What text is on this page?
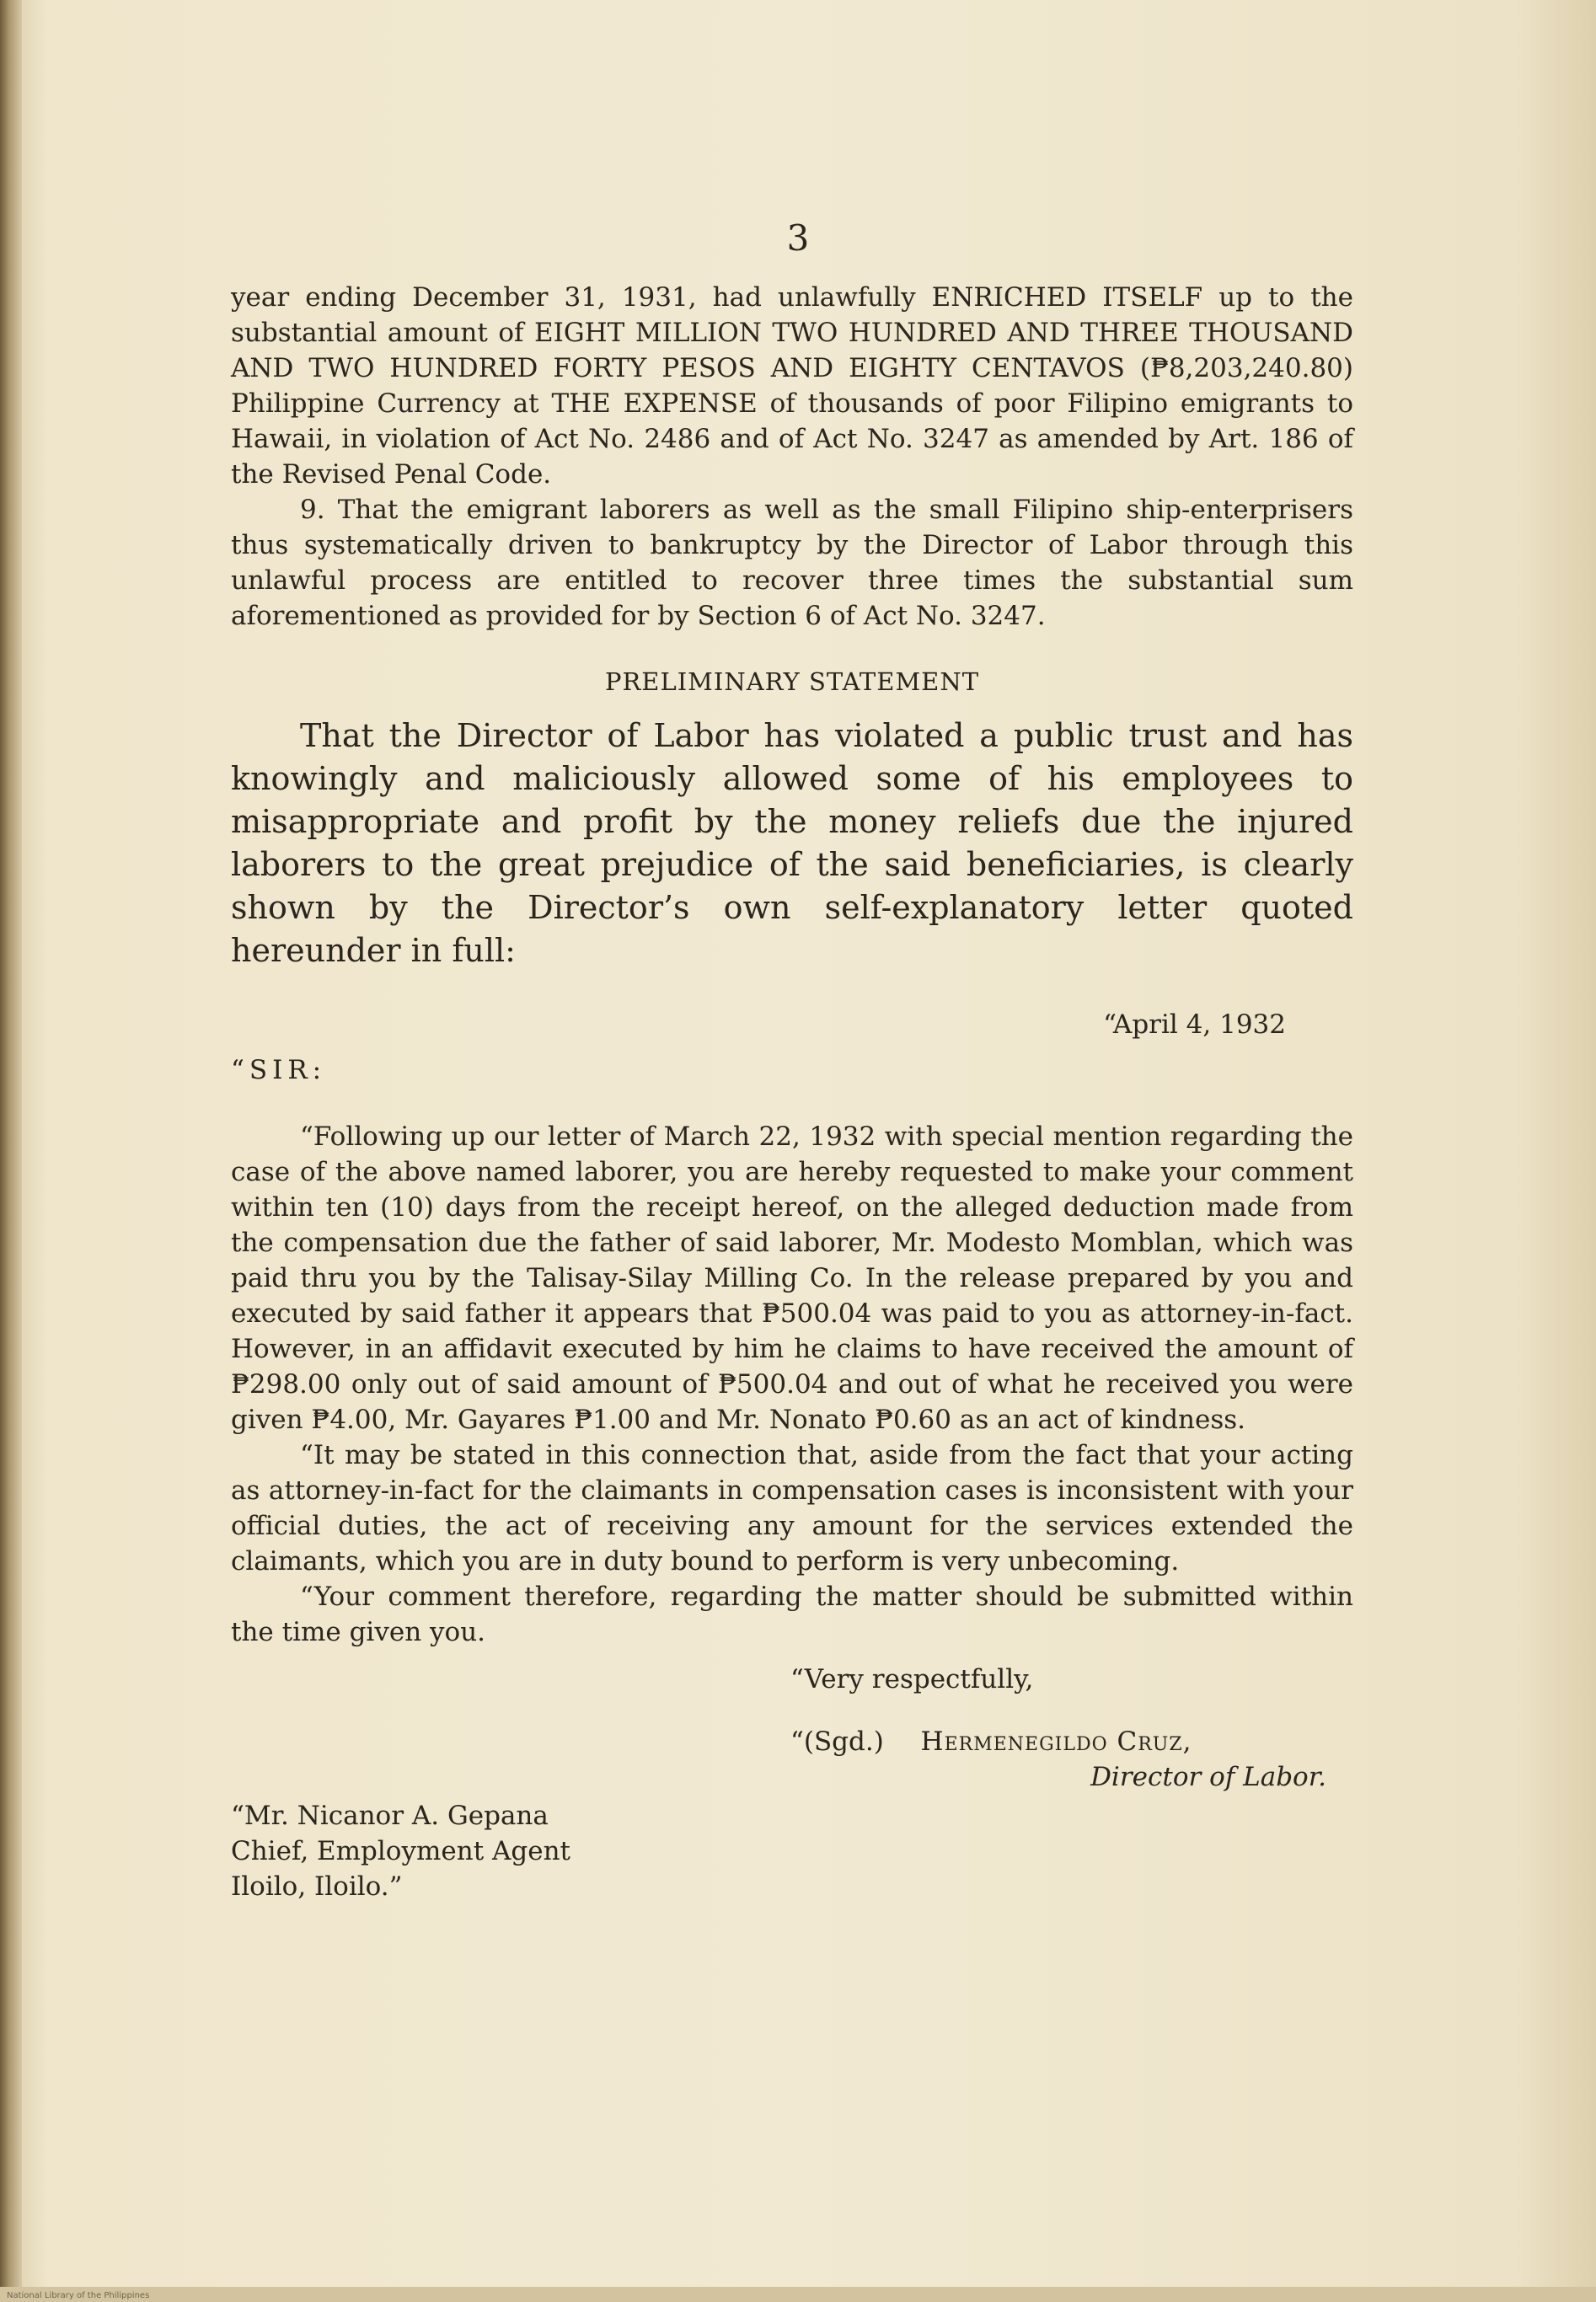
3

year ending December 31, 1931, had unlawfully ENRICHED ITSELF up to the substantial amount of EIGHT MILLION TWO HUNDRED AND THREE THOUSAND AND TWO HUNDRED FORTY PESOS AND EIGHTY CENTAVOS (₱8,203,240.80) Philippine Currency at THE EXPENSE of thousands of poor Filipino emigrants to Hawaii, in violation of Act No. 2486 and of Act No. 3247 as amended by Art. 186 of the Revised Penal Code.

9. That the emigrant laborers as well as the small Filipino ship-enterprisers thus systematically driven to bankruptcy by the Director of Labor through this unlawful process are entitled to recover three times the substantial sum aforementioned as provided for by Section 6 of Act No. 3247.

PRELIMINARY STATEMENT

That the Director of Labor has violated a public trust and has knowingly and maliciously allowed some of his employees to misappropriate and profit by the money reliefs due the injured laborers to the great prejudice of the said beneficiaries, is clearly shown by the Director’s own self-explanatory letter quoted hereunder in full:

“April 4, 1932
“SIR:

“Following up our letter of March 22, 1932 with special mention regarding the case of the above named laborer, you are hereby requested to make your comment within ten (10) days from the receipt hereof, on the alleged deduction made from the compensation due the father of said laborer, Mr. Modesto Momblan, which was paid thru you by the Talisay-Silay Milling Co. In the release prepared by you and executed by said father it appears that ₱500.04 was paid to you as attorney-in-fact. However, in an affidavit executed by him he claims to have received the amount of ₱298.00 only out of said amount of ₱500.04 and out of what he received you were given ₱4.00, Mr. Gayares ₱1.00 and Mr. Nonato ₱0.60 as an act of kindness.

“It may be stated in this connection that, aside from the fact that your acting as attorney-in-fact for the claimants in compensation cases is inconsistent with your official duties, the act of receiving any amount for the services extended the claimants, which you are in duty bound to perform is very unbecoming.

“Your comment therefore, regarding the matter should be submitted within the time given you.

“Very respectfully,
“(Sgd.) Hermenegildo Cruz,
Director of Labor.
“Mr. Nicanor A. Gepana
Chief, Employment Agent
Iloilo, Iloilo.”
National Library of the Philippines
